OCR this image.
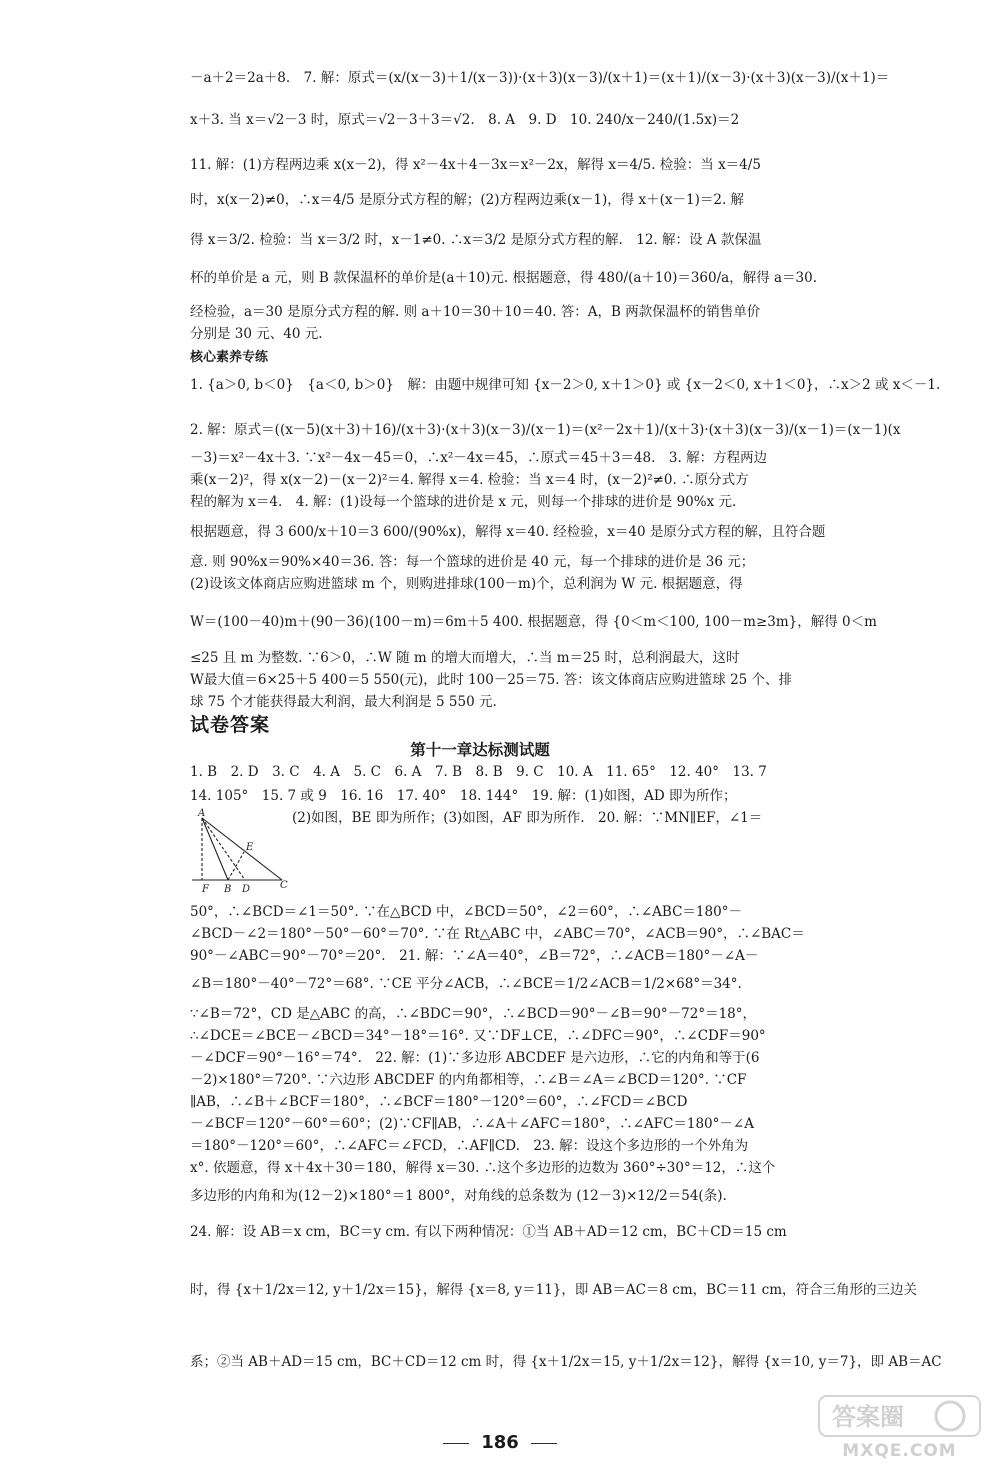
－a＋2＝2a＋8.　7. 解：原式＝(x/(x－3)＋1/(x－3))·(x＋3)(x－3)/(x＋1)＝(x＋1)/(x－3)·(x＋3)(x－3)/(x＋1)＝
x＋3. 当 x＝√2－3 时，原式＝√2－3＋3＝√2.　8. A　9. D　10. 240/x－240/(1.5x)＝2
11. 解：(1)方程两边乘 x(x－2)，得 x²－4x＋4－3x＝x²－2x，解得 x＝4/5. 检验：当 x＝4/5
时，x(x－2)≠0，∴x＝4/5 是原分式方程的解；(2)方程两边乘(x－1)，得 x＋(x－1)＝2. 解
得 x＝3/2. 检验：当 x＝3/2 时，x－1≠0. ∴x＝3/2 是原分式方程的解.　12. 解：设 A 款保温
杯的单价是 a 元，则 B 款保温杯的单价是(a＋10)元. 根据题意，得 480/(a＋10)＝360/a，解得 a＝30.
经检验，a＝30 是原分式方程的解. 则 a＋10＝30＋10＝40. 答：A，B 两款保温杯的销售单价
分别是 30 元、40 元.
核心素养专练
1. {a＞0, b＜0}　{a＜0, b＞0}　解：由题中规律可知 {x－2＞0, x＋1＞0} 或 {x－2＜0, x＋1＜0}，∴x＞2 或 x＜－1.
2. 解：原式＝((x－5)(x＋3)＋16)/(x＋3)·(x＋3)(x－3)/(x－1)＝(x²－2x＋1)/(x＋3)·(x＋3)(x－3)/(x－1)＝(x－1)(x
－3)＝x²－4x＋3. ∵x²－4x－45＝0，∴x²－4x＝45，∴原式＝45＋3＝48.　3. 解：方程两边
乘(x－2)²，得 x(x－2)－(x－2)²＝4. 解得 x＝4. 检验：当 x＝4 时，(x－2)²≠0. ∴原分式方
程的解为 x＝4.　4. 解：(1)设每一个篮球的进价是 x 元，则每一个排球的进价是 90%x 元.
根据题意，得 3 600/x＋10＝3 600/(90%x)，解得 x＝40. 经检验，x＝40 是原分式方程的解，且符合题
意. 则 90%x＝90%×40＝36. 答：每一个篮球的进价是 40 元，每一个排球的进价是 36 元；
(2)设该文体商店应购进篮球 m 个，则购进排球(100－m)个，总利润为 W 元. 根据题意，得
W＝(100－40)m＋(90－36)(100－m)＝6m＋5 400. 根据题意，得 {0＜m＜100, 100－m≥3m}，解得 0＜m
≤25 且 m 为整数. ∵6＞0，∴W 随 m 的增大而增大，∴当 m＝25 时，总利润最大，这时
W最大值＝6×25＋5 400＝5 550(元)，此时 100－25＝75. 答：该文体商店应购进篮球 25 个、排
球 75 个才能获得最大利润，最大利润是 5 550 元.
试卷答案
第十一章达标测试题
1. B　2. D　3. C　4. A　5. C　6. A　7. B　8. B　9. C　10. A　11. 65°　12. 40°　13. 7
14. 105°　15. 7 或 9　16. 16　17. 40°　18. 144°　19. 解：(1)如图，AD 即为所作；
(2)如图，BE 即为所作；(3)如图，AF 即为所作.　20. 解：∵MN∥EF，∠1＝
A
E
F B D	C
50°，∴∠BCD＝∠1＝50°. ∵在△BCD 中，∠BCD＝50°，∠2＝60°，∴∠ABC＝180°－
∠BCD－∠2＝180°－50°－60°＝70°. ∵在 Rt△ABC 中，∠ABC＝70°，∠ACB＝90°，∴∠BAC＝
90°－∠ABC＝90°－70°＝20°.　21. 解：∵∠A＝40°，∠B＝72°，∴∠ACB＝180°－∠A－
∠B＝180°－40°－72°＝68°. ∵CE 平分∠ACB，∴∠BCE＝1/2∠ACB＝1/2×68°＝34°.
∵∠B＝72°，CD 是△ABC 的高，∴∠BDC＝90°，∴∠BCD＝90°－∠B＝90°－72°＝18°，
∴∠DCE＝∠BCE－∠BCD＝34°－18°＝16°. 又∵DF⊥CE，∴∠DFC＝90°，∴∠CDF＝90°
－∠DCF＝90°－16°＝74°.　22. 解：(1)∵多边形 ABCDEF 是六边形，∴它的内角和等于(6
－2)×180°＝720°. ∵六边形 ABCDEF 的内角都相等，∴∠B＝∠A＝∠BCD＝120°. ∵CF
∥AB，∴∠B＋∠BCF＝180°，∴∠BCF＝180°－120°＝60°，∴∠FCD＝∠BCD
－∠BCF＝120°－60°＝60°；(2)∵CF∥AB，∴∠A＋∠AFC＝180°，∴∠AFC＝180°－∠A
＝180°－120°＝60°，∴∠AFC＝∠FCD，∴AF∥CD.　23. 解：设这个多边形的一个外角为
x°. 依题意，得 x＋4x＋30＝180，解得 x＝30. ∴这个多边形的边数为 360°÷30°＝12，∴这个
多边形的内角和为(12－2)×180°＝1 800°，对角线的总条数为 (12－3)×12/2＝54(条).
24. 解：设 AB＝x cm，BC＝y cm. 有以下两种情况：①当 AB＋AD＝12 cm，BC＋CD＝15 cm
时，得 {x＋1/2x＝12, y＋1/2x＝15}，解得 {x＝8, y＝11}，即 AB＝AC＝8 cm，BC＝11 cm，符合三角形的三边关
系；②当 AB＋AD＝15 cm，BC＋CD＝12 cm 时，得 {x＋1/2x＝15, y＋1/2x＝12}，解得 {x＝10, y＝7}，即 AB＝AC
186
答案圈
MXQE.COM
